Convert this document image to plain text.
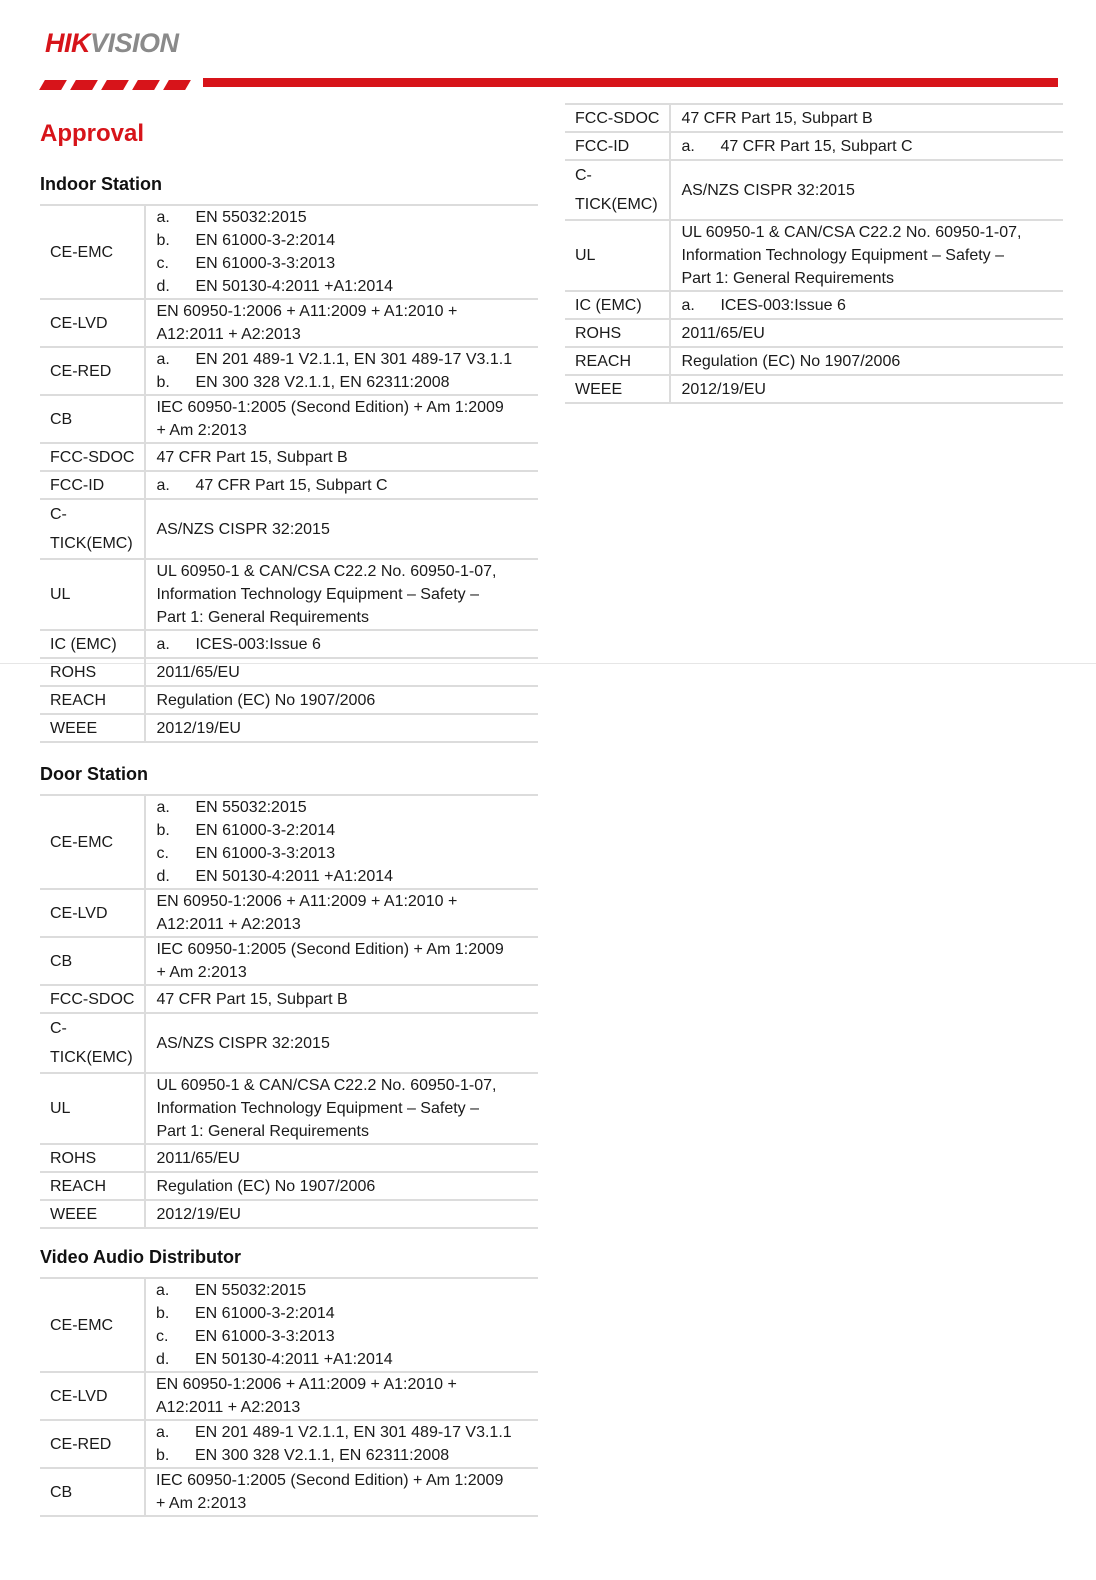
HIKVISION
Approval
Indoor Station
CE-EMC	a. EN 55032:2015
b. EN 61000-3-2:2014
c. EN 61000-3-3:2013
d. EN 50130-4:2011 +A1:2014

CE-LVD	EN 60950-1:2006 + A11:2009 + A1:2010 +
A12:2011 + A2:2013

CE-RED	a. EN 201 489-1 V2.1.1, EN 301 489-17 V3.1.1
b. EN 300 328 V2.1.1, EN 62311:2008

CB	IEC 60950-1:2005 (Second Edition) + Am 1:2009
+ Am 2:2013

FCC-SDOC	47 CFR Part 15, Subpart B

FCC-ID	a. 47 CFR Part 15, Subpart C

C-
TICK(EMC)	AS/NZS CISPR 32:2015

UL	UL 60950-1 & CAN/CSA C22.2 No. 60950-1-07,
Information Technology Equipment – Safety –
Part 1: General Requirements

IC (EMC)	a. ICES-003:Issue 6

ROHS	2011/65/EU

REACH	Regulation (EC) No 1907/2006

WEEE	2012/19/EU
Door Station
CE-EMC	a. EN 55032:2015
b. EN 61000-3-2:2014
c. EN 61000-3-3:2013
d. EN 50130-4:2011 +A1:2014

CE-LVD	EN 60950-1:2006 + A11:2009 + A1:2010 +
A12:2011 + A2:2013

CB	IEC 60950-1:2005 (Second Edition) + Am 1:2009
+ Am 2:2013

FCC-SDOC	47 CFR Part 15, Subpart B

C-
TICK(EMC)	AS/NZS CISPR 32:2015

UL	UL 60950-1 & CAN/CSA C22.2 No. 60950-1-07,
Information Technology Equipment – Safety –
Part 1: General Requirements

ROHS	2011/65/EU

REACH	Regulation (EC) No 1907/2006

WEEE	2012/19/EU
Video Audio Distributor
CE-EMC	a. EN 55032:2015
b. EN 61000-3-2:2014
c. EN 61000-3-3:2013
d. EN 50130-4:2011 +A1:2014

CE-LVD	EN 60950-1:2006 + A11:2009 + A1:2010 +
A12:2011 + A2:2013

CE-RED	a. EN 201 489-1 V2.1.1, EN 301 489-17 V3.1.1
b. EN 300 328 V2.1.1, EN 62311:2008

CB	IEC 60950-1:2005 (Second Edition) + Am 1:2009
+ Am 2:2013
FCC-SDOC	47 CFR Part 15, Subpart B

FCC-ID	a. 47 CFR Part 15, Subpart C

C-
TICK(EMC)	AS/NZS CISPR 32:2015

UL	UL 60950-1 & CAN/CSA C22.2 No. 60950-1-07,
Information Technology Equipment – Safety –
Part 1: General Requirements

IC (EMC)	a. ICES-003:Issue 6

ROHS	2011/65/EU

REACH	Regulation (EC) No 1907/2006

WEEE	2012/19/EU
